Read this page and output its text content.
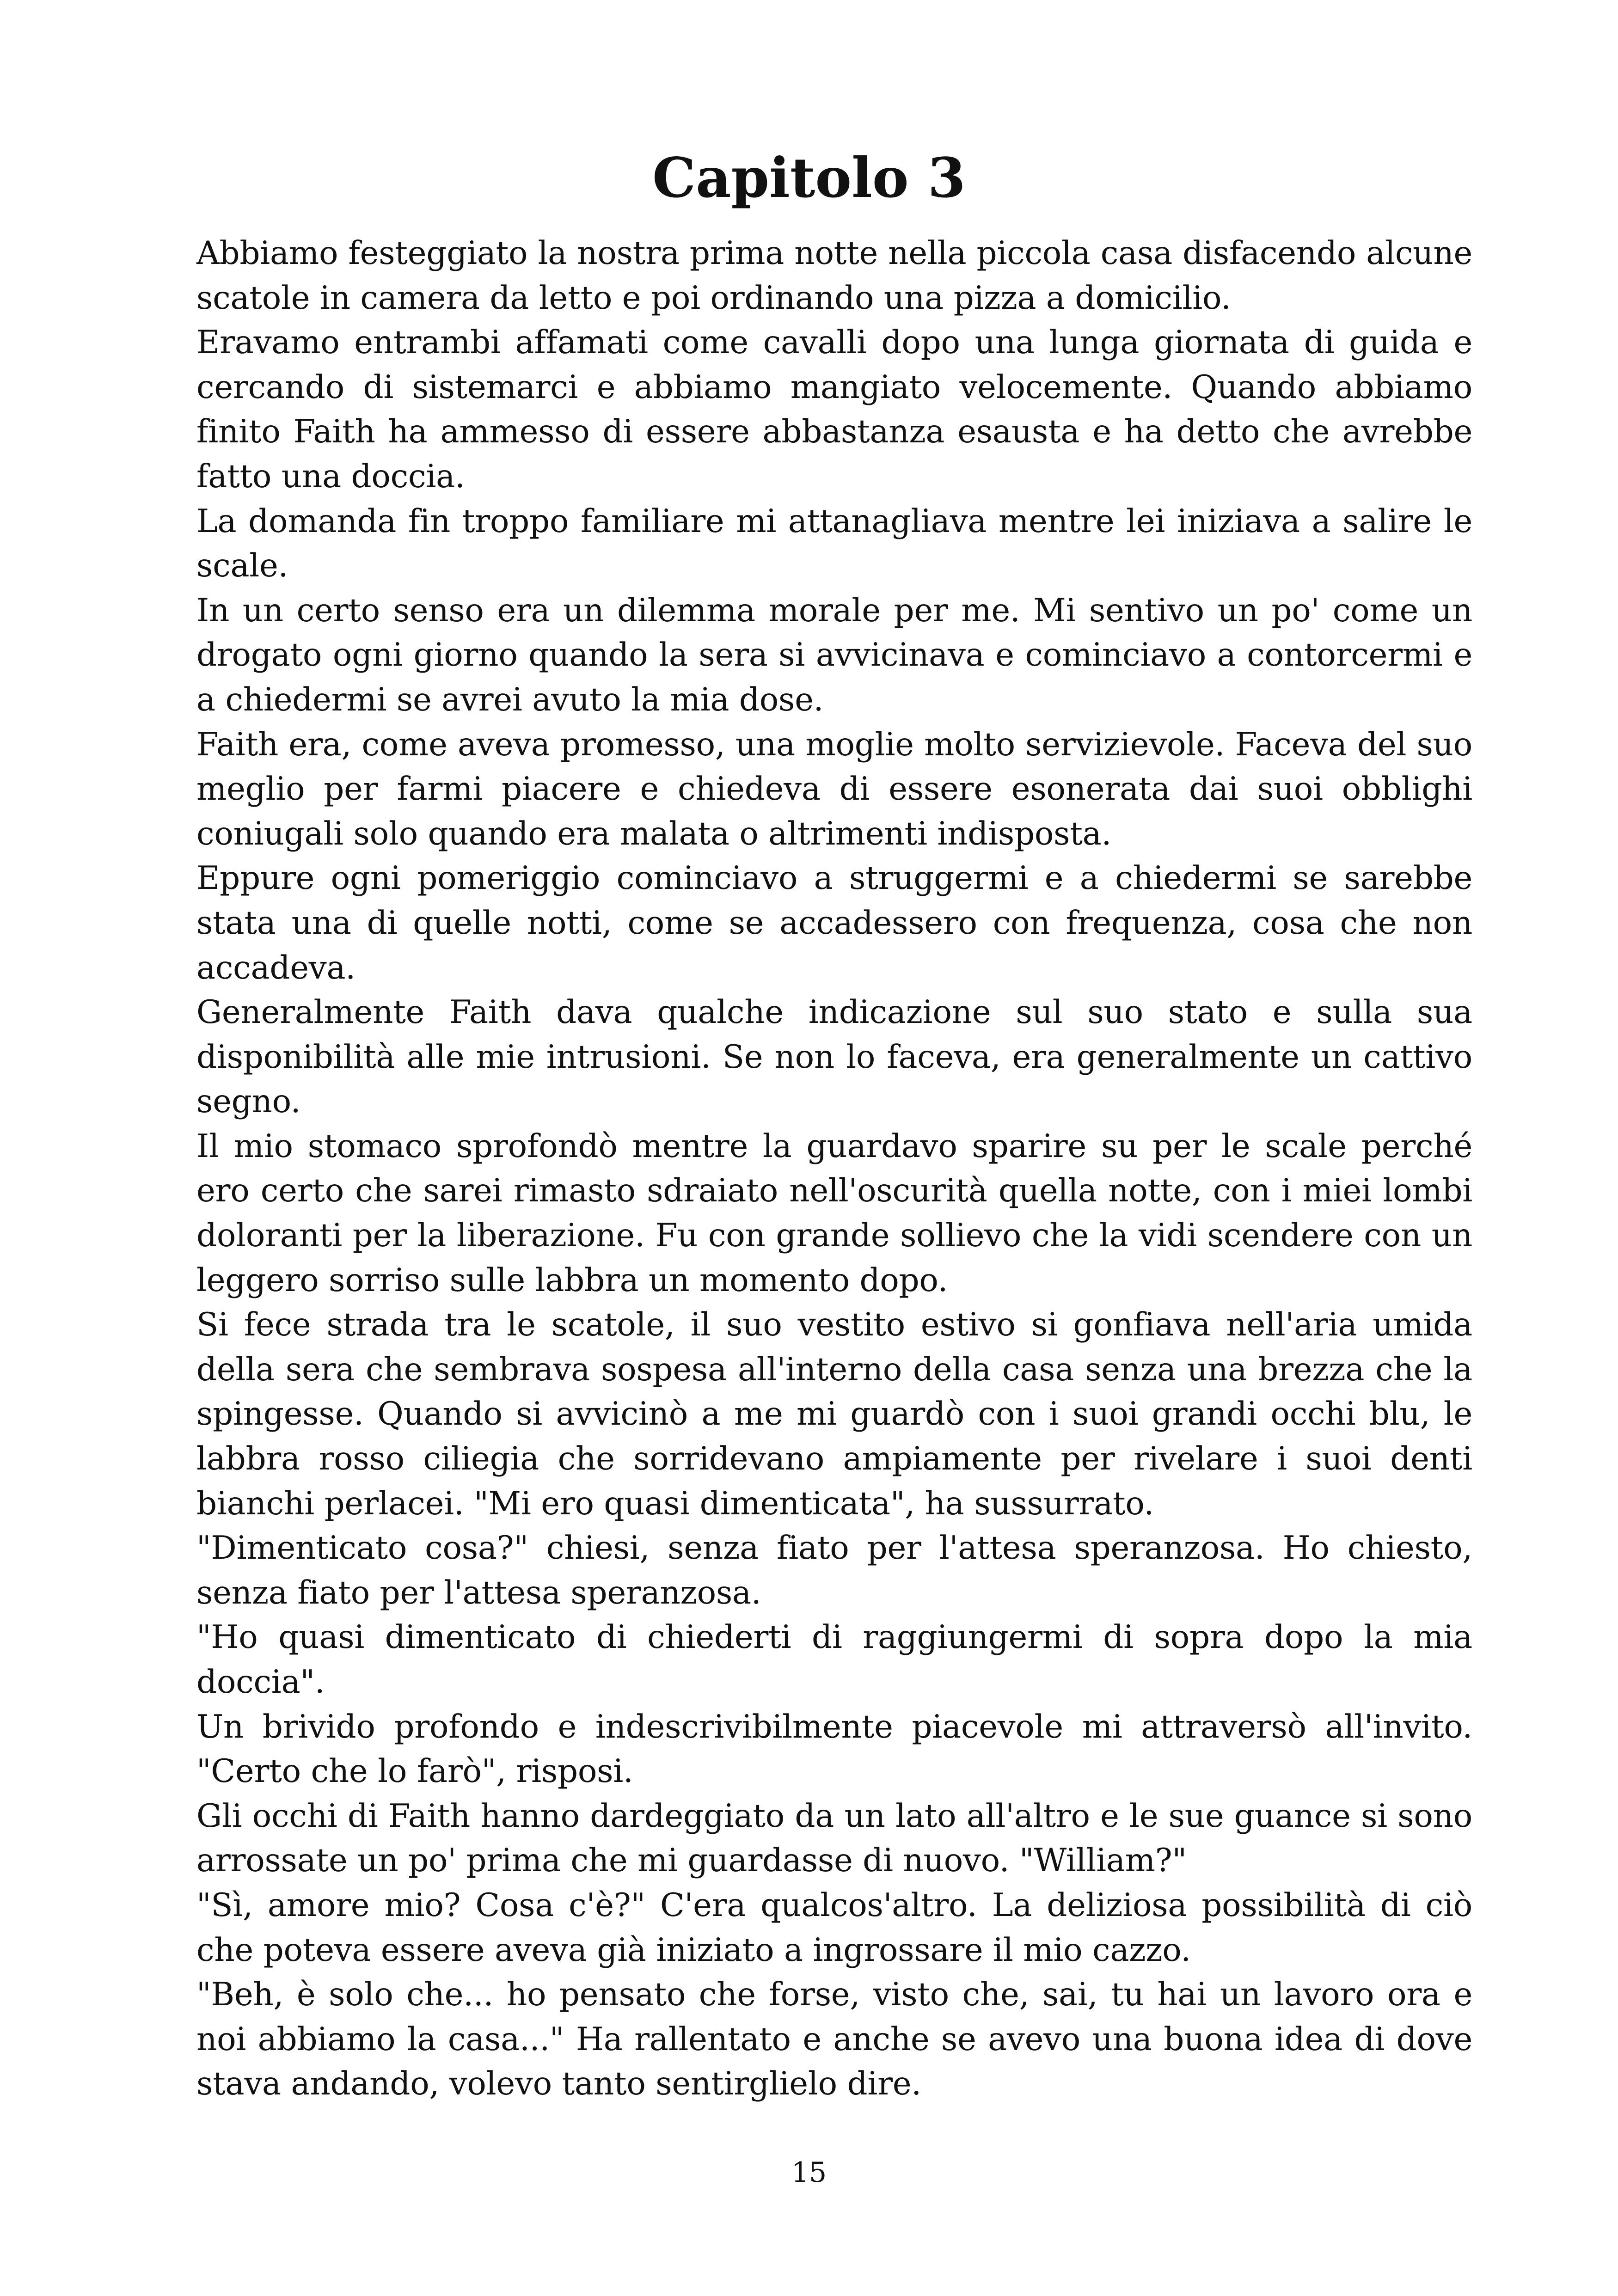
Capitolo 3

Abbiamo festeggiato la nostra prima notte nella piccola casa disfacendo alcune scatole in camera da letto e poi ordinando una pizza a domicilio.

Eravamo entrambi affamati come cavalli dopo una lunga giornata di guida e cercando di sistemarci e abbiamo mangiato velocemente. Quando abbiamo finito Faith ha ammesso di essere abbastanza esausta e ha detto che avrebbe fatto una doccia.

La domanda fin troppo familiare mi attanagliava mentre lei iniziava a salire le scale.

In un certo senso era un dilemma morale per me. Mi sentivo un po' come un drogato ogni giorno quando la sera si avvicinava e cominciavo a contorcermi e a chiedermi se avrei avuto la mia dose.

Faith era, come aveva promesso, una moglie molto servizievole. Faceva del suo meglio per farmi piacere e chiedeva di essere esonerata dai suoi obblighi coniugali solo quando era malata o altrimenti indisposta.

Eppure ogni pomeriggio cominciavo a struggermi e a chiedermi se sarebbe stata una di quelle notti, come se accadessero con frequenza, cosa che non accadeva.

Generalmente Faith dava qualche indicazione sul suo stato e sulla sua disponibilità alle mie intrusioni. Se non lo faceva, era generalmente un cattivo segno.

Il mio stomaco sprofondò mentre la guardavo sparire su per le scale perché ero certo che sarei rimasto sdraiato nell'oscurità quella notte, con i miei lombi doloranti per la liberazione. Fu con grande sollievo che la vidi scendere con un leggero sorriso sulle labbra un momento dopo.

Si fece strada tra le scatole, il suo vestito estivo si gonfiava nell'aria umida della sera che sembrava sospesa all'interno della casa senza una brezza che la spingesse. Quando si avvicinò a me mi guardò con i suoi grandi occhi blu, le labbra rosso ciliegia che sorridevano ampiamente per rivelare i suoi denti bianchi perlacei. "Mi ero quasi dimenticata", ha sussurrato.

"Dimenticato cosa?" chiesi, senza fiato per l'attesa speranzosa. Ho chiesto, senza fiato per l'attesa speranzosa.

"Ho quasi dimenticato di chiederti di raggiungermi di sopra dopo la mia doccia".

Un brivido profondo e indescrivibilmente piacevole mi attraversò all'invito. "Certo che lo farò", risposi.

Gli occhi di Faith hanno dardeggiato da un lato all'altro e le sue guance si sono arrossate un po' prima che mi guardasse di nuovo. "William?"

"Sì, amore mio? Cosa c'è?" C'era qualcos'altro. La deliziosa possibilità di ciò che poteva essere aveva già iniziato a ingrossare il mio cazzo.

"Beh, è solo che... ho pensato che forse, visto che, sai, tu hai un lavoro ora e noi abbiamo la casa..." Ha rallentato e anche se avevo una buona idea di dove stava andando, volevo tanto sentirglielo dire.

15
